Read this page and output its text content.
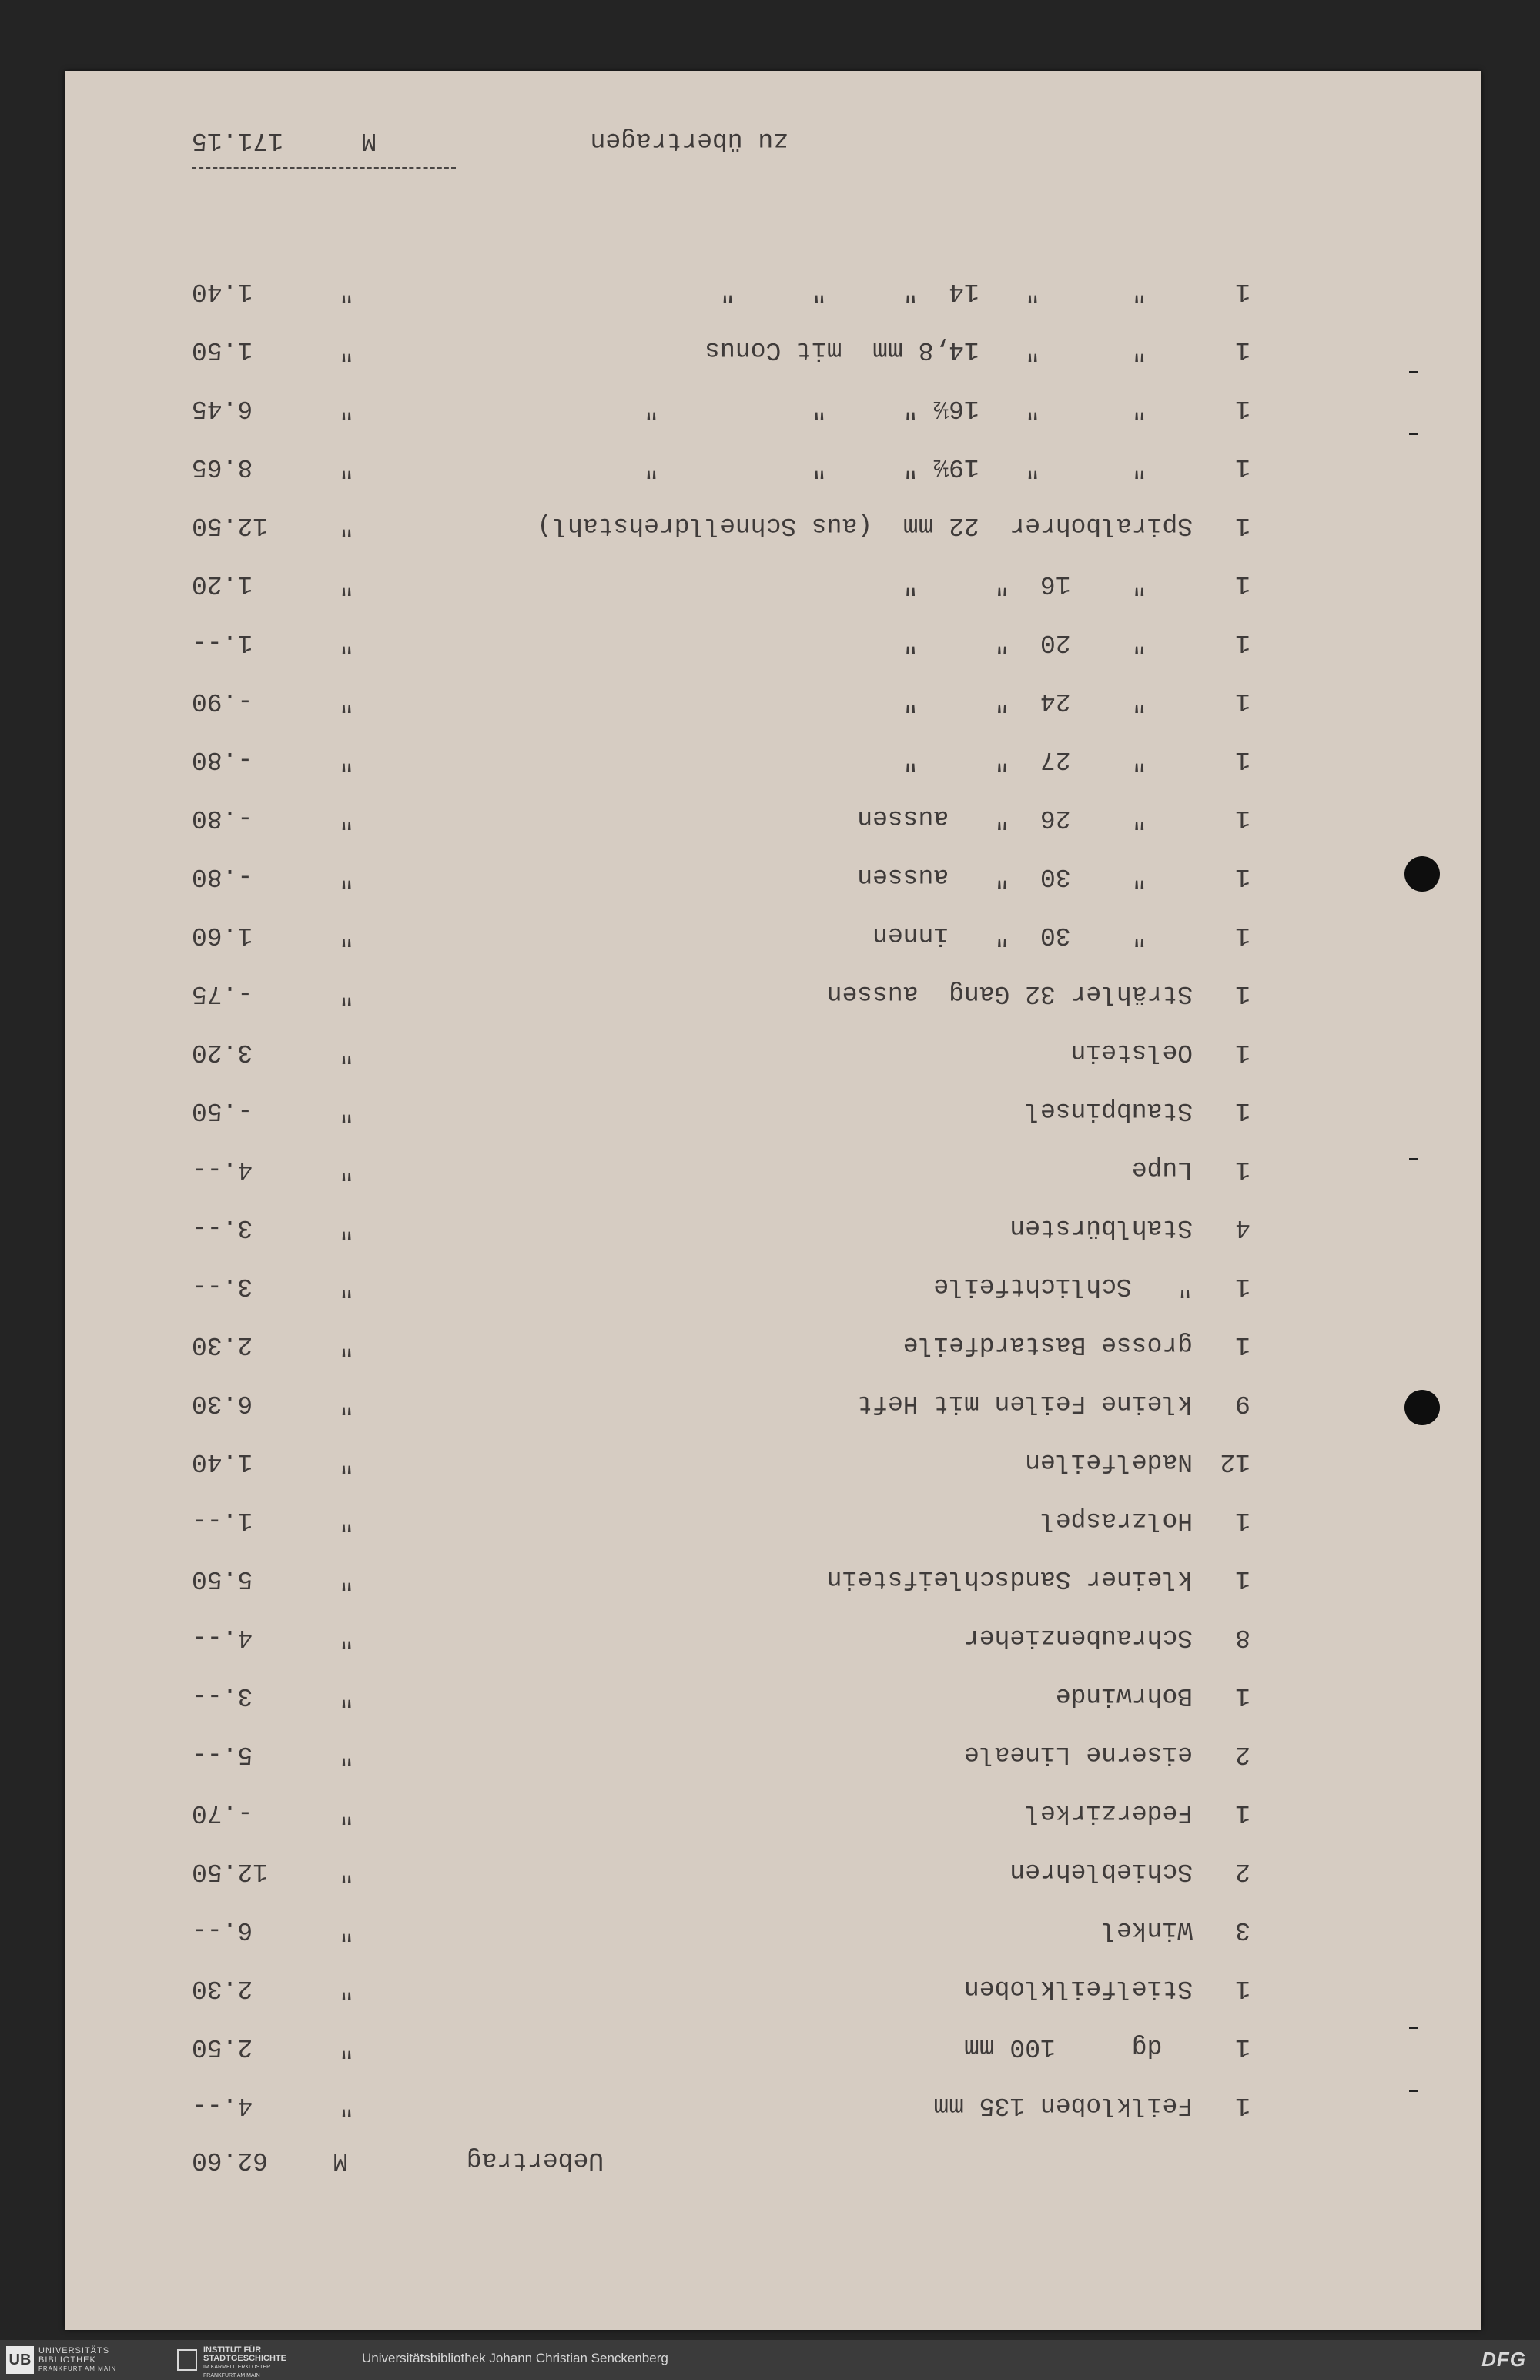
Uebertrag
M
62.60
1
Feilkloben 135 mm
"
4.--
1
dg     100 mm
"
2.50
1
Stielfeilkloben
"
2.30
3
Winkel
"
6.--
2
Schieblehren
"
12.50
1
Federzirkel
"
-.70
2
eiserne Lineale
"
5.--
1
Bohrwinde
"
3.--
8
Schraubenzieher
"
4.--
1
kleiner Sandschleifstein
"
5.50
1
Holzraspel
"
1.--
12
Nadelfeilen
"
1.40
9
kleine Feilen mit Heft
"
6.30
1
grosse Bastardfeile
"
2.30
1
"   Schlichtfeile
"
3.--
4
Stahlbürsten
"
3.--
1
Lupe
"
4.--
1
Staubpinsel
"
-.50
1
Oelstein
"
3.20
1
Strähler 32 Gang  aussen
"
-.75
1
"    30  "   innen
"
1.60
1
"    30  "   aussen
"
-.80
1
"    26  "   aussen
"
-.80
1
"    27  "     "
"
-.80
1
"    24  "     "
"
-.90
1
"    20  "     "
"
1.--
1
"    16  "     "
"
1.20
1
Spiralbohrer  22 mm  (aus Schnelldrehstahl)
"
12.50
1
"      "   19½ "     "          "
"
8.65
1
"      "   16½ "     "          "
"
6.45
1
"      "   14,8 mm  mit Conus
"
1.50
1
"      "   14  "     "     "
"
1.40
zu übertragen
M
171.15
UB
UNIVERSITÄTS
BIBLIOTHEK
FRANKFURT AM MAIN
INSTITUT FÜR
STADTGESCHICHTE
IM KARMELITERKLOSTER
FRANKFURT AM MAIN
Universitätsbibliothek Johann Christian Senckenberg	DFG
